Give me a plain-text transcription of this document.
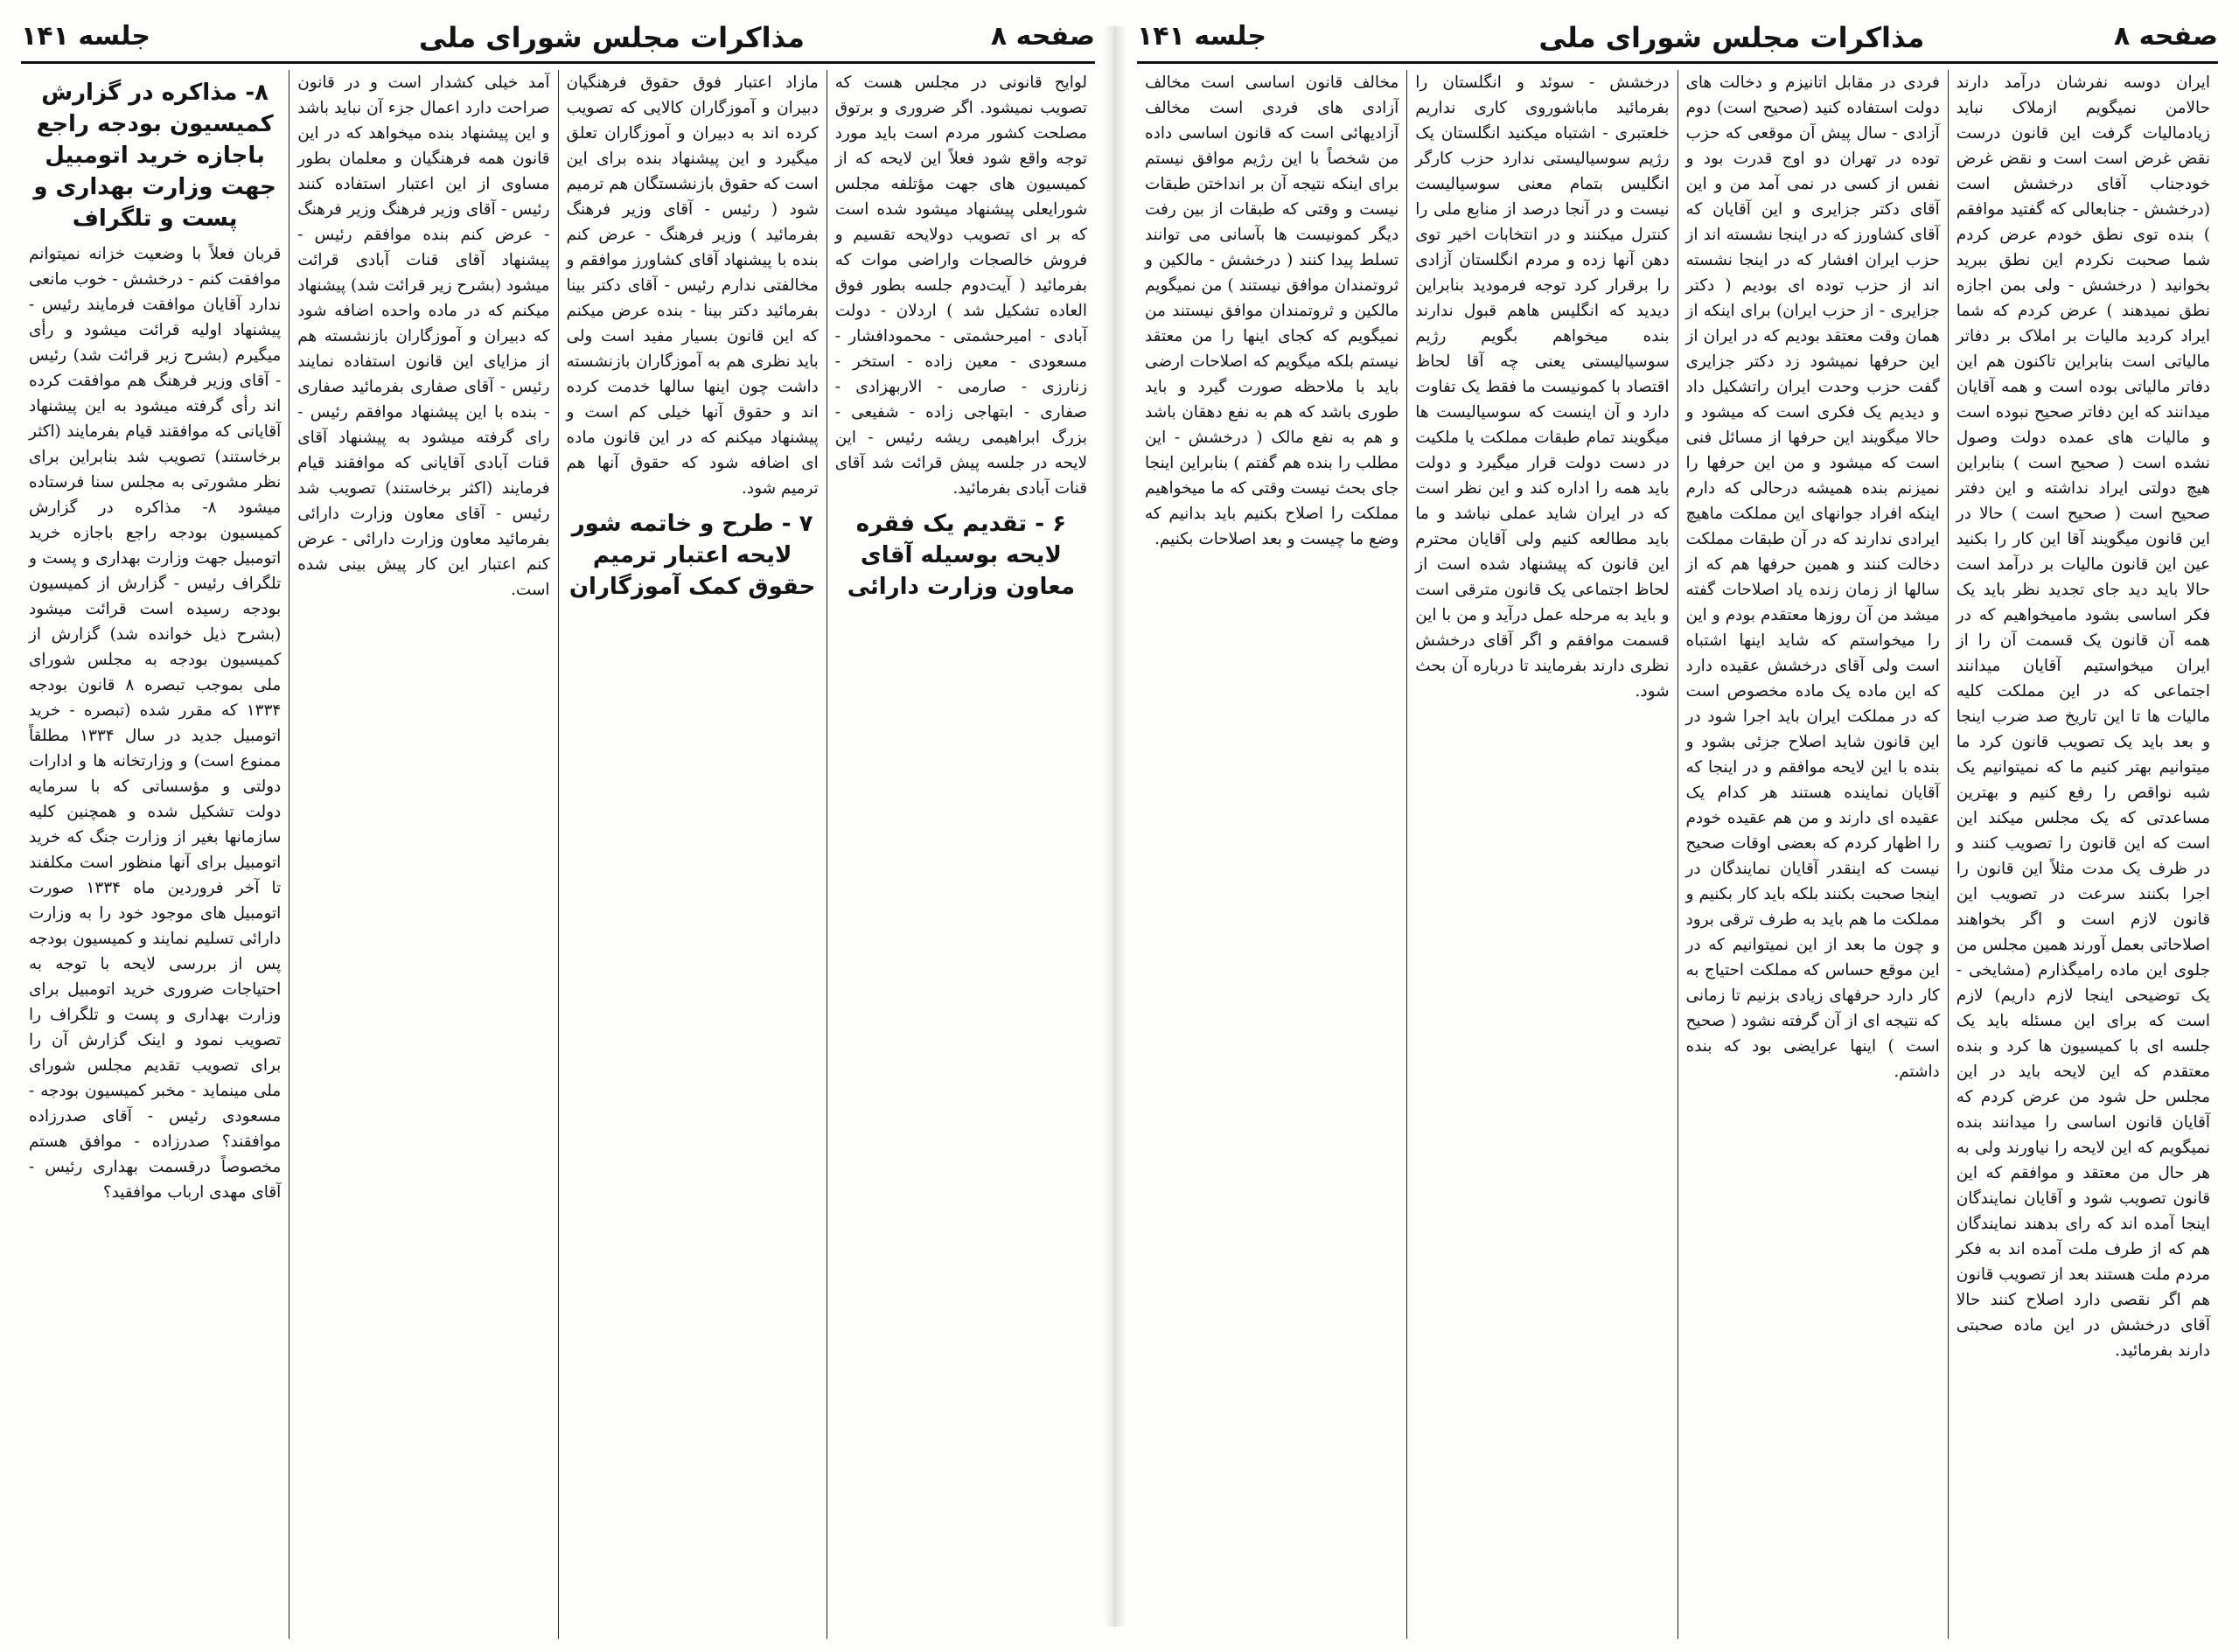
صفحه ۸
مذاکرات مجلس شورای ملی
جلسه ۱۴۱

ایران دوسه نفرشان درآمد دارند حالامن نمیگویم ازملاک نباید زیادمالیات گرفت این قانون درست نقض غرض است است و نقض غرض خودجناب آقای درخشش است (درخشش - جنابعالی که گفتید موافقم ) بنده توی نطق خودم عرض کردم شما صحبت نکردم این نطق ببرید بخوانید ( درخشش - ولی بمن اجازه نطق نمیدهند ) عرض کردم که شما ایراد کردید مالیات بر املاک بر دفاتر مالیاتی است بنابراین تاکنون هم این دفاتر مالیاتی بوده است و همه آقایان میدانند که این دفاتر صحیح نبوده است و مالیات های عمده دولت وصول نشده است ( صحیح است ) بنابراین هیچ دولتی ایراد نداشته و این دفتر صحیح است ( صحیح است ) حالا در این قانون میگویند آقا این کار را بکنید عین این قانون مالیات بر درآمد است حالا باید دید جای تجدید نظر باید یک فکر اساسی بشود مامیخواهیم که در همه آن قانون یک قسمت آن را از ایران میخواستیم آقایان میدانند اجتماعی که در این مملکت کلیه مالیات ها تا این تاریخ صد ضرب اینجا و بعد باید یک تصویب قانون کرد ما میتوانیم بهتر کنیم ما که نمیتوانیم یک شبه نواقص را رفع کنیم و بهترین مساعدتی که یک مجلس میکند این است که این قانون را تصویب کنند و در ظرف یک مدت مثلاً این قانون را اجرا بکنند سرعت در تصویب این قانون لازم است و اگر بخواهند اصلاحاتی بعمل آورند همین مجلس من جلوی این ماده رامیگذارم (مشایخی - یک توضیحی اینجا لازم داریم) لازم است که برای این مسئله باید یک جلسه ای با کمیسیون ها کرد و بنده معتقدم که این لایحه باید در این مجلس حل شود من عرض کردم که آقایان قانون اساسی را میدانند بنده نمیگویم که این لایحه را نیاورند ولی به هر حال من معتقد و موافقم که این قانون تصویب شود و آقایان نمایندگان اینجا آمده اند که رای بدهند نمایندگان هم که از طرف ملت آمده اند به فکر مردم ملت هستند بعد از تصویب قانون هم اگر نقصی دارد اصلاح کنند حالا آقای درخشش در این ماده صحبتی دارند بفرمائید.

فردی در مقابل اتانیزم و دخالت های دولت استفاده کنید (صحیح است) دوم آزادی - سال پیش آن موقعی که حزب توده در تهران دو اوج قدرت بود و نفس از کسی در نمی آمد من و این آقای دکتر جزایری و این آقایان که آقای کشاورز که در اینجا نشسته اند از حزب ایران افشار که در اینجا نشسته اند از حزب توده ای بودیم ( دکتر جزایری - از حزب ایران) برای اینکه از همان وقت معتقد بودیم که در ایران از این حرفها نمیشود زد دکتر جزایری گفت حزب وحدت ایران راتشکیل داد و دیدیم یک فکری است که میشود و حالا میگویند این حرفها از مسائل فنی است که میشود و من این حرفها را نمیزنم بنده همیشه درحالی که دارم اینکه افراد جوانهای این مملکت ماهیچ ایرادی ندارند که در آن طبقات مملکت دخالت کنند و همین حرفها هم که از سالها از زمان زنده یاد اصلاحات گفته میشد من آن روزها معتقدم بودم و این را میخواستم که شاید اینها اشتباه است ولی آقای درخشش عقیده دارد که این ماده یک ماده مخصوص است که در مملکت ایران باید اجرا شود در این قانون شاید اصلاح جزئی بشود و بنده با این لایحه موافقم و در اینجا که آقایان نماینده هستند هر کدام یک عقیده ای دارند و من هم عقیده خودم را اظهار کردم که بعضی اوقات صحیح نیست که اینقدر آقایان نمایندگان در اینجا صحبت بکنند بلکه باید کار بکنیم و مملکت ما هم باید به طرف ترقی برود و چون ما بعد از این نمیتوانیم که در این موقع حساس که مملکت احتیاج به کار دارد حرفهای زیادی بزنیم تا زمانی که نتیجه ای از آن گرفته نشود ( صحیح است ) اینها عرایضی بود که بنده داشتم.

درخشش - سوئد و انگلستان را بفرمائید ماباشوروی کاری نداریم خلعتبری - اشتباه میکنید انگلستان یک رژیم سوسیالیستی ندارد حزب کارگر انگلیس بتمام معنی سوسیالیست نیست و در آنجا درصد از منابع ملی را کنترل میکنند و در انتخابات اخیر توی دهن آنها زده و مردم انگلستان آزادی را برقرار کرد توجه فرمودید بنابراین دیدید که انگلیس هاهم قبول ندارند بنده میخواهم بگویم رژیم سوسیالیستی یعنی چه آقا لحاظ اقتصاد با کمونیست ما فقط یک تفاوت دارد و آن اینست که سوسیالیست ها میگویند تمام طبقات مملکت یا ملکیت در دست دولت قرار میگیرد و دولت باید همه را اداره کند و این نظر است که در ایران شاید عملی نباشد و ما باید مطالعه کنیم ولی آقایان محترم این قانون که پیشنهاد شده است از لحاظ اجتماعی یک قانون مترقی است و باید به مرحله عمل درآید و من با این قسمت موافقم و اگر آقای درخشش نظری دارند بفرمایند تا درباره آن بحث شود.

مخالف قانون اساسی است مخالف آزادی های فردی است مخالف آزادیهائی است که قانون اساسی داده من شخصاً با این رژیم موافق نیستم برای اینکه نتیجه آن بر انداختن طبقات نیست و وقتی که طبقات از بین رفت دیگر کمونیست ها بآسانی می توانند تسلط پیدا کنند ( درخشش - مالکین و ثروتمندان موافق نیستند ) من نمیگویم مالکین و ثروتمندان موافق نیستند من نمیگویم که کجای اینها را من معتقد نیستم بلکه میگویم که اصلاحات ارضی باید با ملاحظه صورت گیرد و باید طوری باشد که هم به نفع دهقان باشد و هم به نفع مالک ( درخشش - این مطلب را بنده هم گفتم ) بنابراین اینجا جای بحث نیست وقتی که ما میخواهیم مملکت را اصلاح بکنیم باید بدانیم که وضع ما چیست و بعد اصلاحات بکنیم.

صفحه ۸
مذاکرات مجلس شورای ملی
جلسه ۱۴۱

لوایح قانونی در مجلس هست که تصویب نمیشود. اگر ضروری و برتوق مصلحت کشور مردم است باید مورد توجه واقع شود فعلاً این لایحه که از کمیسیون های جهت مؤتلفه مجلس شورایعلی پیشنهاد میشود شده است که بر ای تصویب دولایحه تقسیم و فروش خالصجات واراضی موات که بفرمائید ( آیت‌دوم جلسه بطور فوق العاده تشکیل شد ) اردلان - دولت آبادی - امیرحشمتی - محمودافشار - مسعودی - معین زاده - استخر - زنارزی - صارمی - الاربهزادی - صفاری - ابتهاجی زاده - شفیعی - بزرگ ابراهیمی ریشه رئیس - این لایحه در جلسه پیش قرائت شد آقای قنات آبادی بفرمائید.

۶ - تقدیم یک فقره لایحه بوسیله آقای معاون وزارت دارائی

مازاد اعتبار فوق حقوق فرهنگیان دبیران و آموزگاران کالایی که تصویب کرده اند به دبیران و آموزگاران تعلق میگیرد و این پیشنهاد بنده برای این است که حقوق بازنشستگان هم ترمیم شود ( رئیس - آقای وزیر فرهنگ بفرمائید ) وزیر فرهنگ - عرض کنم بنده با پیشنهاد آقای کشاورز موافقم و مخالفتی ندارم رئیس - آقای دکتر بینا بفرمائید دکتر بینا - بنده عرض میکنم که این قانون بسیار مفید است ولی باید نظری هم به آموزگاران بازنشسته داشت چون اینها سالها خدمت کرده اند و حقوق آنها خیلی کم است و پیشنهاد میکنم که در این قانون ماده ای اضافه شود که حقوق آنها هم ترمیم شود.

۷ - طرح و خاتمه شور لایحه اعتبار ترمیم حقوق کمک آموزگاران

آمد خیلی کشدار است و در قانون صراحت دارد اعمال جزء آن نباید باشد و این پیشنهاد بنده میخواهد که در این قانون همه فرهنگیان و معلمان بطور مساوی از این اعتبار استفاده کنند رئیس - آقای وزیر فرهنگ وزیر فرهنگ - عرض کنم بنده موافقم رئیس - پیشنهاد آقای قنات آبادی قرائت میشود (بشرح زیر قرائت شد) پیشنهاد میکنم که در ماده واحده اضافه شود که دبیران و آموزگاران بازنشسته هم از مزایای این قانون استفاده نمایند رئیس - آقای صفاری بفرمائید صفاری - بنده با این پیشنهاد موافقم رئیس - رای گرفته میشود به پیشنهاد آقای قنات آبادی آقایانی که موافقند قیام فرمایند (اکثر برخاستند) تصویب شد رئیس - آقای معاون وزارت دارائی بفرمائید معاون وزارت دارائی - عرض کنم اعتبار این کار پیش بینی شده است.

۸- مذاکره در گزارش کمیسیون بودجه راجع باجازه خرید اتومبیل جهت وزارت بهداری و پست و تلگراف

قربان فعلاً با وضعیت خزانه نمیتوانم موافقت کنم - درخشش - خوب مانعی ندارد آقایان موافقت فرمایند رئیس - پیشنهاد اولیه قرائت میشود و رأی میگیرم (بشرح زیر قرائت شد) رئیس - آقای وزیر فرهنگ هم موافقت کرده اند رأی گرفته میشود به این پیشنهاد آقایانی که موافقند قیام بفرمایند (اکثر برخاستند) تصویب شد بنابراین برای نظر مشورتی به مجلس سنا فرستاده میشود ۸- مذاکره در گزارش کمیسیون بودجه راجع باجازه خرید اتومبیل جهت وزارت بهداری و پست و تلگراف رئیس - گزارش از کمیسیون بودجه رسیده است قرائت میشود (بشرح ذیل خوانده شد) گزارش از کمیسیون بودجه به مجلس شورای ملی بموجب تبصره ۸ قانون بودجه ۱۳۳۴ که مقرر شده (تبصره - خرید اتومبیل جدید در سال ۱۳۳۴ مطلقاً ممنوع است) و وزارتخانه ها و ادارات دولتی و مؤسساتی که با سرمایه دولت تشکیل شده و همچنین کلیه سازمانها بغیر از وزارت جنگ که خرید اتومبیل برای آنها منظور است مکلفند تا آخر فروردین ماه ۱۳۳۴ صورت اتومبیل های موجود خود را به وزارت دارائی تسلیم نمایند و کمیسیون بودجه پس از بررسی لایحه با توجه به احتیاجات ضروری خرید اتومبیل برای وزارت بهداری و پست و تلگراف را تصویب نمود و اینک گزارش آن را برای تصویب تقدیم مجلس شورای ملی مینماید - مخبر کمیسیون بودجه - مسعودی رئیس - آقای صدرزاده موافقند؟ صدرزاده - موافق هستم مخصوصاً درقسمت بهداری رئیس - آقای مهدی ارباب موافقید؟
